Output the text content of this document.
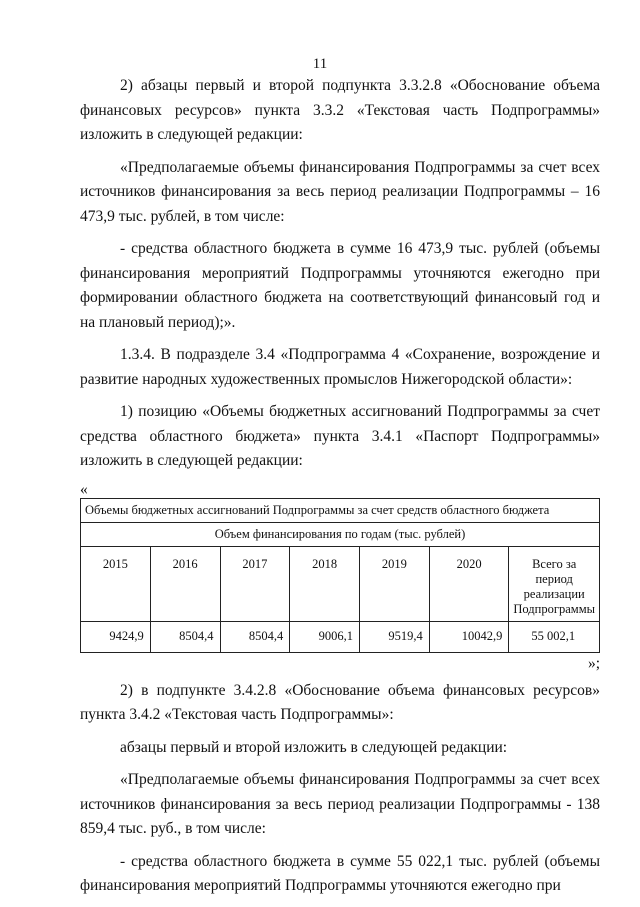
11

2) абзацы первый и второй подпункта 3.3.2.8 «Обоснование объема финансовых ресурсов» пункта 3.3.2 «Текстовая часть Подпрограммы» изложить в следующей редакции:

«Предполагаемые объемы финансирования Подпрограммы за счет всех источников финансирования за весь период реализации Подпрограммы – 16 473,9 тыс. рублей, в том числе:

- средства областного бюджета в сумме 16 473,9 тыс. рублей (объемы финансирования мероприятий Подпрограммы уточняются ежегодно при формировании областного бюджета на соответствующий финансовый год и на плановый период);».

1.3.4. В подразделе 3.4 «Подпрограмма 4 «Сохранение, возрождение и развитие народных художественных промыслов Нижегородской области»:

1) позицию «Объемы бюджетных ассигнований Подпрограммы за счет средства областного бюджета» пункта 3.4.1 «Паспорт Подпрограммы» изложить в следующей редакции:

«

Объемы бюджетных ассигнований Подпрограммы за счет средств областного бюджета						
Объем финансирования по годам (тыс. рублей)						
2015	2016	2017	2018	2019	2020	Всего за период реализации Подпрограммы
9424,9	8504,4	8504,4	9006,1	9519,4	10042,9	55 002,1

»;

2) в подпункте 3.4.2.8 «Обоснование объема финансовых ресурсов» пункта 3.4.2 «Текстовая часть Подпрограммы»:

абзацы первый и второй изложить в следующей редакции:

«Предполагаемые объемы финансирования Подпрограммы за счет всех источников финансирования за весь период реализации Подпрограммы - 138 859,4 тыс. руб., в том числе:

- средства областного бюджета в сумме 55 022,1 тыс. рублей (объемы финансирования мероприятий Подпрограммы уточняются ежегодно при
